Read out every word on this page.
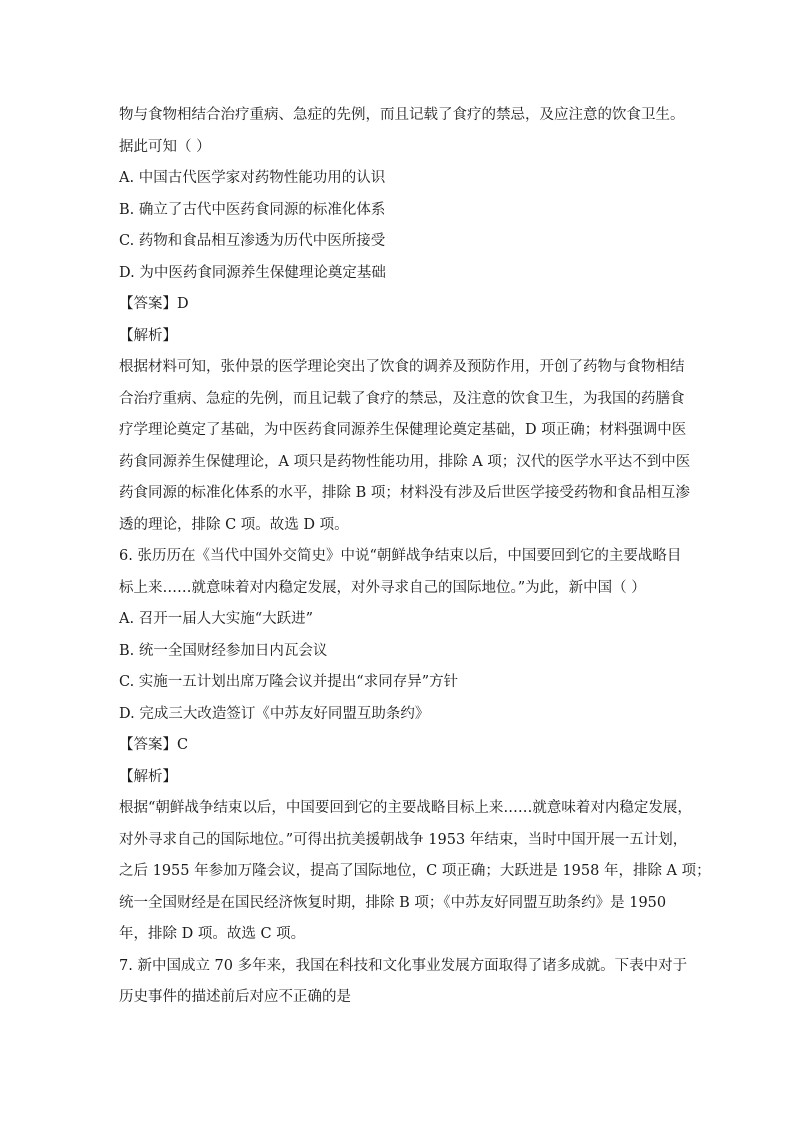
物与食物相结合治疗重病、急症的先例，而且记载了食疗的禁忌，及应注意的饮食卫生。
据此可知（ ）
A. 中国古代医学家对药物性能功用的认识
B. 确立了古代中医药食同源的标准化体系
C. 药物和食品相互渗透为历代中医所接受
D. 为中医药食同源养生保健理论奠定基础
【答案】D
【解析】
根据材料可知，张仲景的医学理论突出了饮食的调养及预防作用，开创了药物与食物相结
合治疗重病、急症的先例，而且记载了食疗的禁忌，及注意的饮食卫生，为我国的药膳食
疗学理论奠定了基础，为中医药食同源养生保健理论奠定基础，D 项正确；材料强调中医
药食同源养生保健理论，A 项只是药物性能功用，排除 A 项；汉代的医学水平达不到中医
药食同源的标准化体系的水平，排除 B 项；材料没有涉及后世医学接受药物和食品相互渗
透的理论，排除 C 项。故选 D 项。
6. 张历历在《当代中国外交简史》中说“朝鲜战争结束以后，中国要回到它的主要战略目
标上来……就意味着对内稳定发展，对外寻求自己的国际地位。”为此，新中国（ ）
A. 召开一届人大实施“大跃进”
B. 统一全国财经参加日内瓦会议
C. 实施一五计划出席万隆会议并提出“求同存异”方针
D. 完成三大改造签订《中苏友好同盟互助条约》
【答案】C
【解析】
根据“朝鲜战争结束以后，中国要回到它的主要战略目标上来……就意味着对内稳定发展，
对外寻求自己的国际地位。”可得出抗美援朝战争 1953 年结束，当时中国开展一五计划，
之后 1955 年参加万隆会议，提高了国际地位，C 项正确；大跃进是 1958 年，排除 A 项；
统一全国财经是在国民经济恢复时期，排除 B 项；《中苏友好同盟互助条约》是 1950
年，排除 D 项。故选 C 项。
7. 新中国成立 70 多年来，我国在科技和文化事业发展方面取得了诸多成就。下表中对于
历史事件的描述前后对应不正确的是
